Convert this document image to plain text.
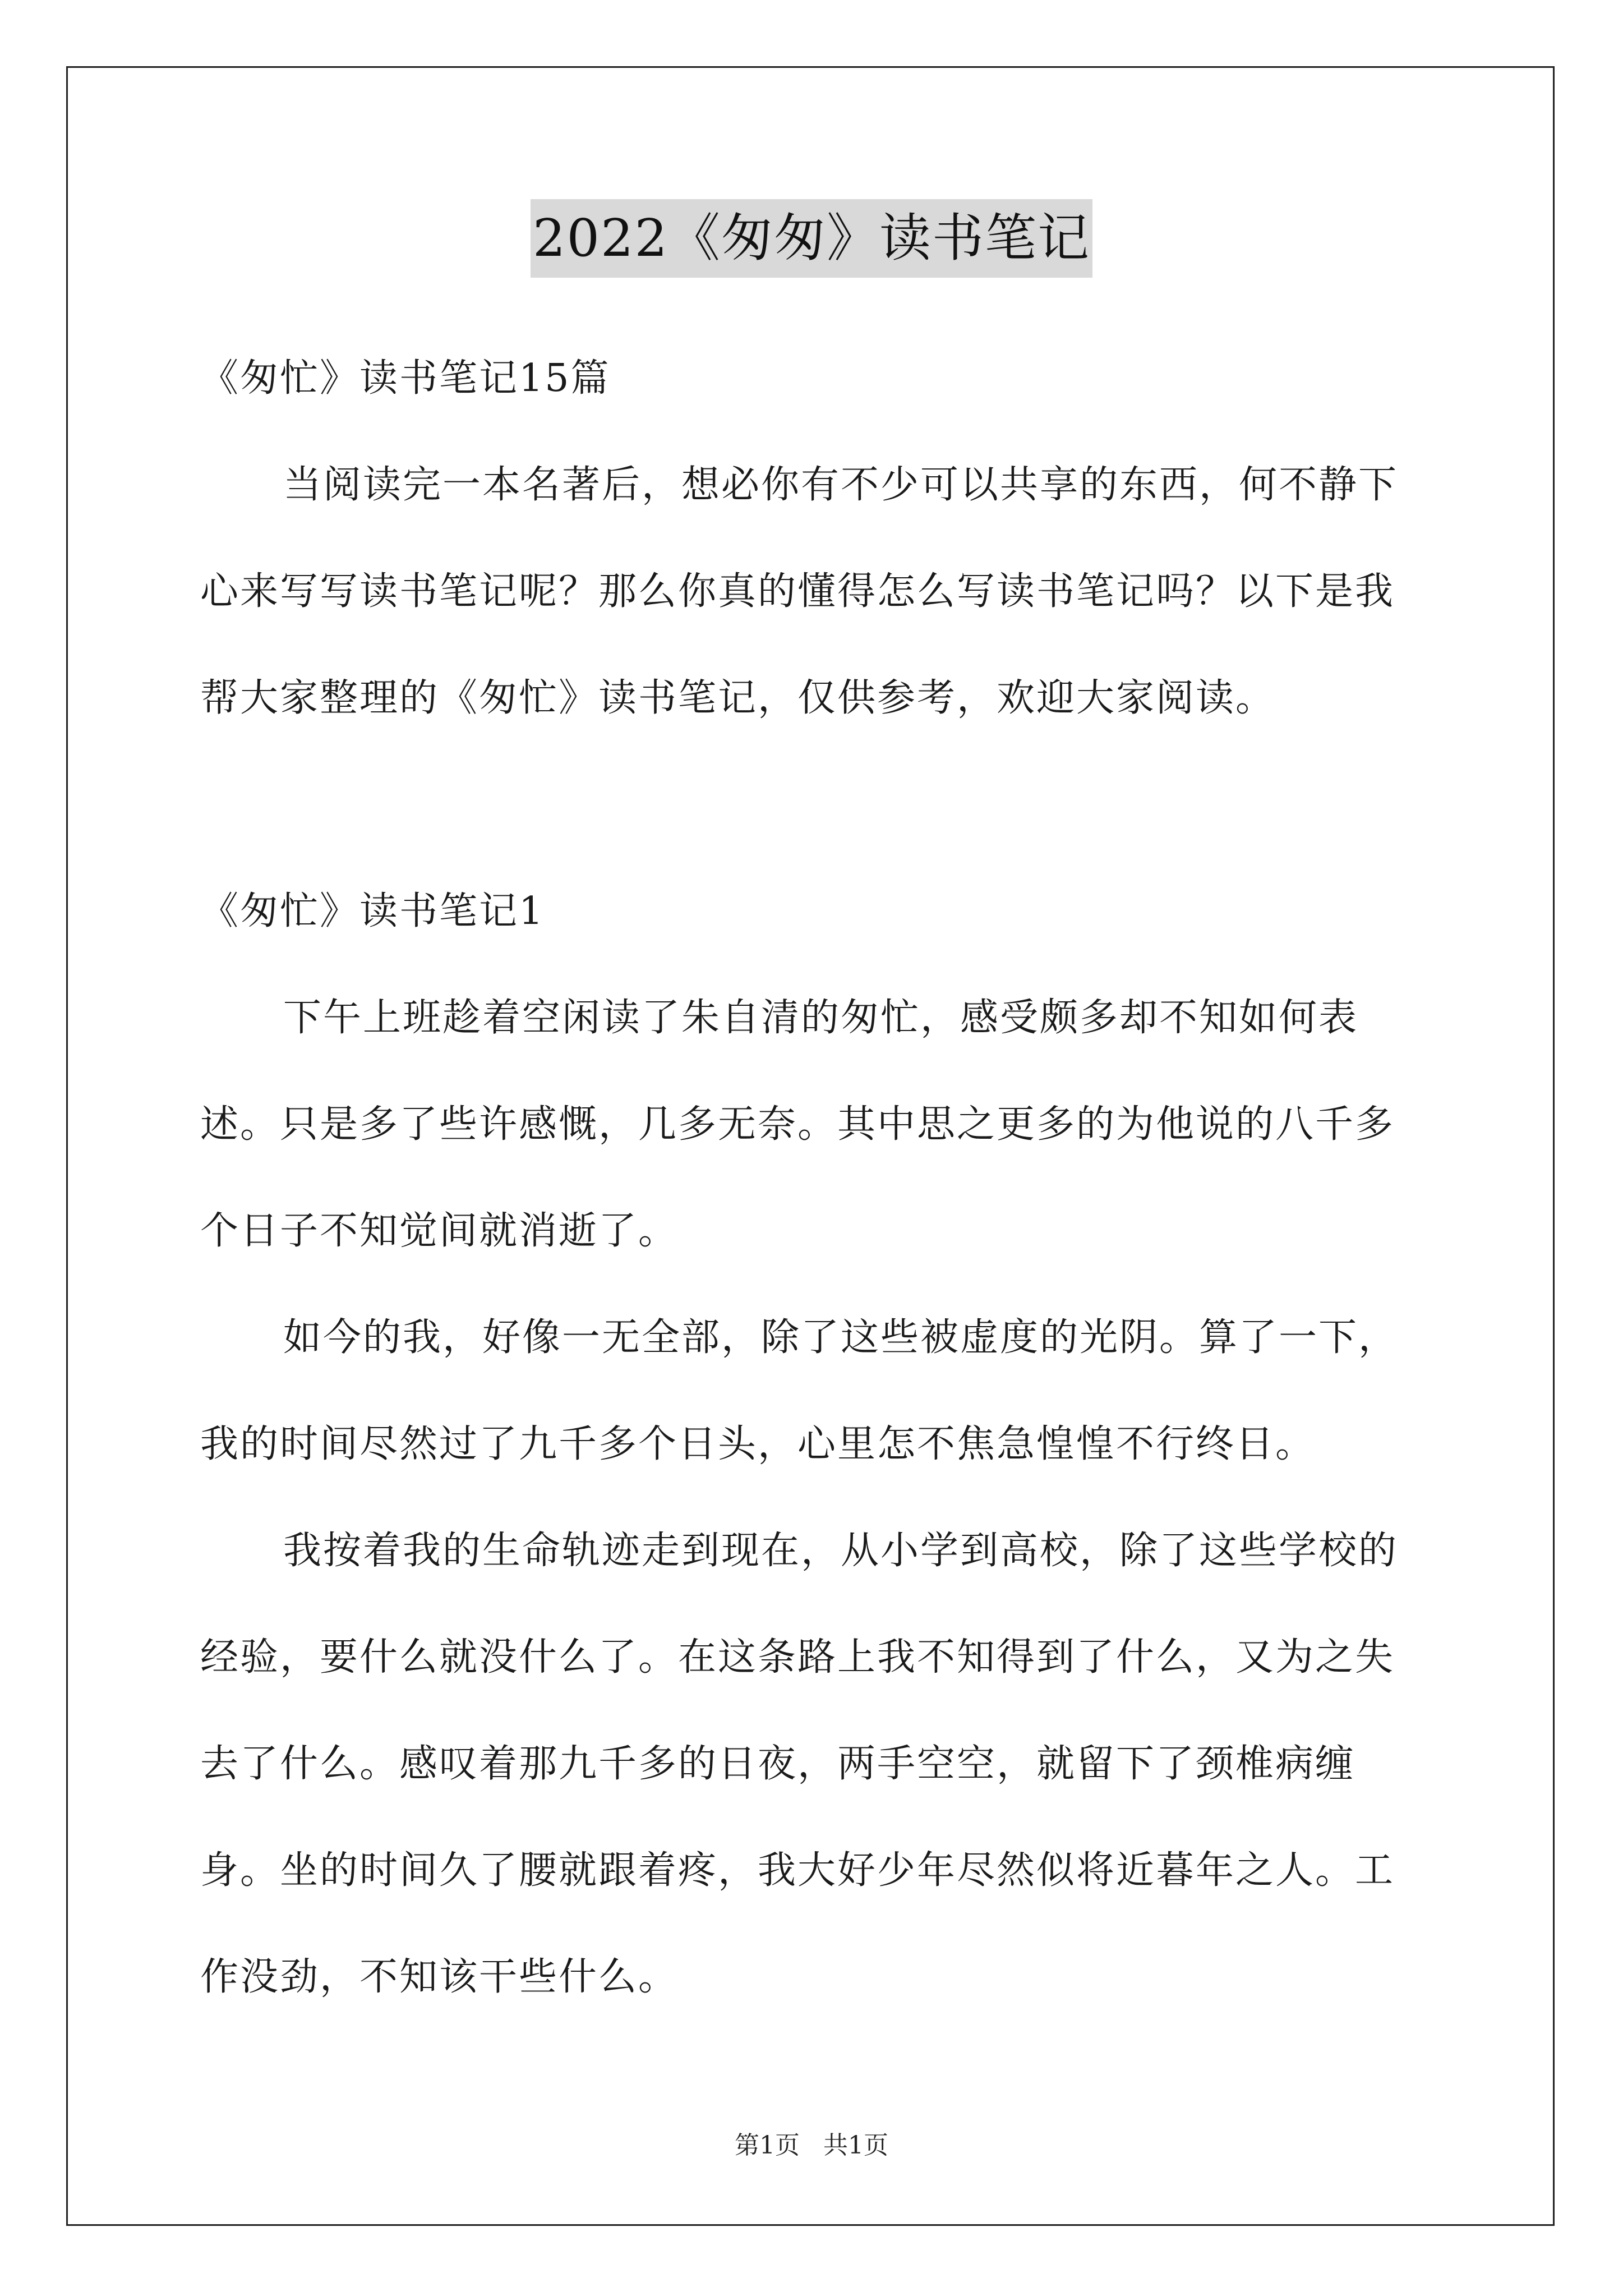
2022《匆匆》读书笔记

《匆忙》读书笔记15篇

当阅读完一本名著后，想必你有不少可以共享的东西，何不静下心来写写读书笔记呢？那么你真的懂得怎么写读书笔记吗？以下是我帮大家整理的《匆忙》读书笔记，仅供参考，欢迎大家阅读。

《匆忙》读书笔记1

下午上班趁着空闲读了朱自清的匆忙，感受颇多却不知如何表述。只是多了些许感慨，几多无奈。其中思之更多的为他说的八千多个日子不知觉间就消逝了。

如今的我，好像一无全部，除了这些被虚度的光阴。算了一下，我的时间尽然过了九千多个日头，心里怎不焦急惶惶不行终日。

我按着我的生命轨迹走到现在，从小学到高校，除了这些学校的经验，要什么就没什么了。在这条路上我不知得到了什么，又为之失去了什么。感叹着那九千多的日夜，两手空空，就留下了颈椎病缠身。坐的时间久了腰就跟着疼，我大好少年尽然似将近暮年之人。工作没劲，不知该干些什么。

第1页   共1页
